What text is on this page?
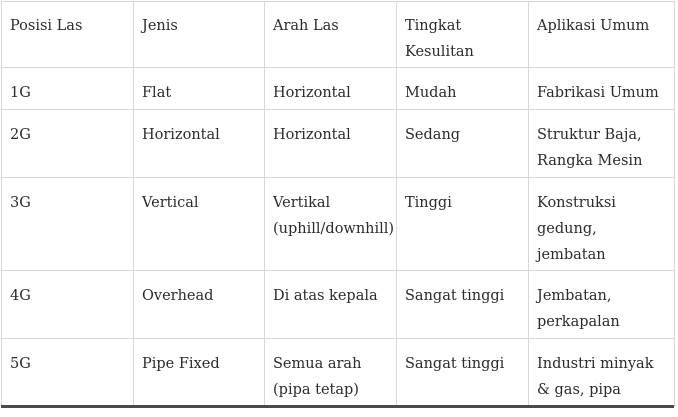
Posisi Las	Jenis	Arah Las	Tingkat Kesulitan	Aplikasi Umum
1G	Flat	Horizontal	Mudah	Fabrikasi Umum
2G	Horizontal	Horizontal	Sedang	Struktur Baja, Rangka Mesin
3G	Vertical	Vertikal (uphill/downhill)	Tinggi	Konstruksi gedung, jembatan
4G	Overhead	Di atas kepala	Sangat tinggi	Jembatan, perkapalan
5G	Pipe Fixed	Semua arah (pipa tetap)	Sangat tinggi	Industri minyak & gas, pipa
